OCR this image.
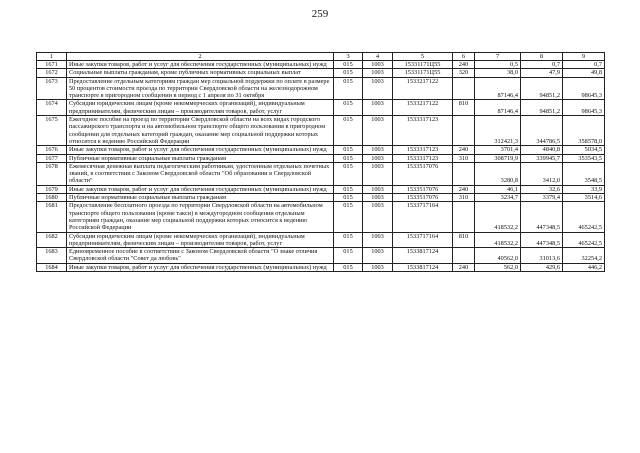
259
1	2	3	4	5	6	7	8	9
1671	Иные закупки товаров, работ и услуг для обеспечения государственных (муниципальных) нужд	015	1003	15331171Ц55	240	0,5	0,7	0,7
1672	Социальные выплаты гражданам, кроме публичных нормативных социальных выплат	015	1003	15331171Ц55	320	38,0	47,9	49,8
1673	Предоставление отдельным категориям граждан мер социальной поддержки по оплате в размере 50 процентов стоимости проезда по территории Свердловской области на железнодорожном транспорте в пригородном сообщении в период с 1 апреля по 31 октября	015	1003	1533217122		87146,4	94851,2	98645,3
1674	Субсидии юридическим лицам (кроме некоммерческих организаций), индивидуальным предпринимателям, физическим лицам – производителям товаров, работ, услуг	015	1003	1533217122	810	87146,4	94851,2	98645,3
1675	Ежегодное пособие на проезд по территории Свердловской области на всех видах городского пассажирского транспорта и на автомобильном транспорте общего пользования в пригородном сообщении для отдельных категорий граждан, оказание мер социальной поддержки которых относится к ведению Российской Федерации	015	1003	1533317123		312421,3	344786,5	358578,0
1676	Иные закупки товаров, работ и услуг для обеспечения государственных (муниципальных) нужд	015	1003	1533317123	240	3701,4	4840,8	5034,5
1677	Публичные нормативные социальные выплаты гражданам	015	1003	1533317123	310	308719,9	339945,7	353543,5
1678	Ежемесячная денежная выплата педагогическим работникам, удостоенным отдельных почетных званий, в соответствии с Законом Свердловской области "Об образовании в Свердловской области"	015	1003	1533517076		3280,8	3412,0	3548,5
1679	Иные закупки товаров, работ и услуг для обеспечения государственных (муниципальных) нужд	015	1003	1533517076	240	46,1	32,6	33,9
1680	Публичные нормативные социальные выплаты гражданам	015	1003	1533517076	310	3234,7	3379,4	3514,6
1681	Предоставление бесплатного проезда по территории Свердловской области на автомобильном транспорте общего пользования (кроме такси) в междугородном сообщении отдельным категориям граждан, оказание мер социальной поддержки которых относится к ведению Российской Федерации	015	1003	1533717164		418532,2	447348,5	465242,5
1682	Субсидии юридическим лицам (кроме некоммерческих организаций), индивидуальным предпринимателям, физическим лицам – производителям товаров, работ, услуг	015	1003	1533717164	810	418532,2	447348,5	465242,5
1683	Единовременное пособие в соответствии с Законом Свердловской области "О знаке отличия Свердловской области "Совет да любовь"	015	1003	1533817124		40562,0	31013,6	32254,2
1684	Иные закупки товаров, работ и услуг для обеспечения государственных (муниципальных) нужд	015	1003	1533817124	240	562,0	429,6	446,2
